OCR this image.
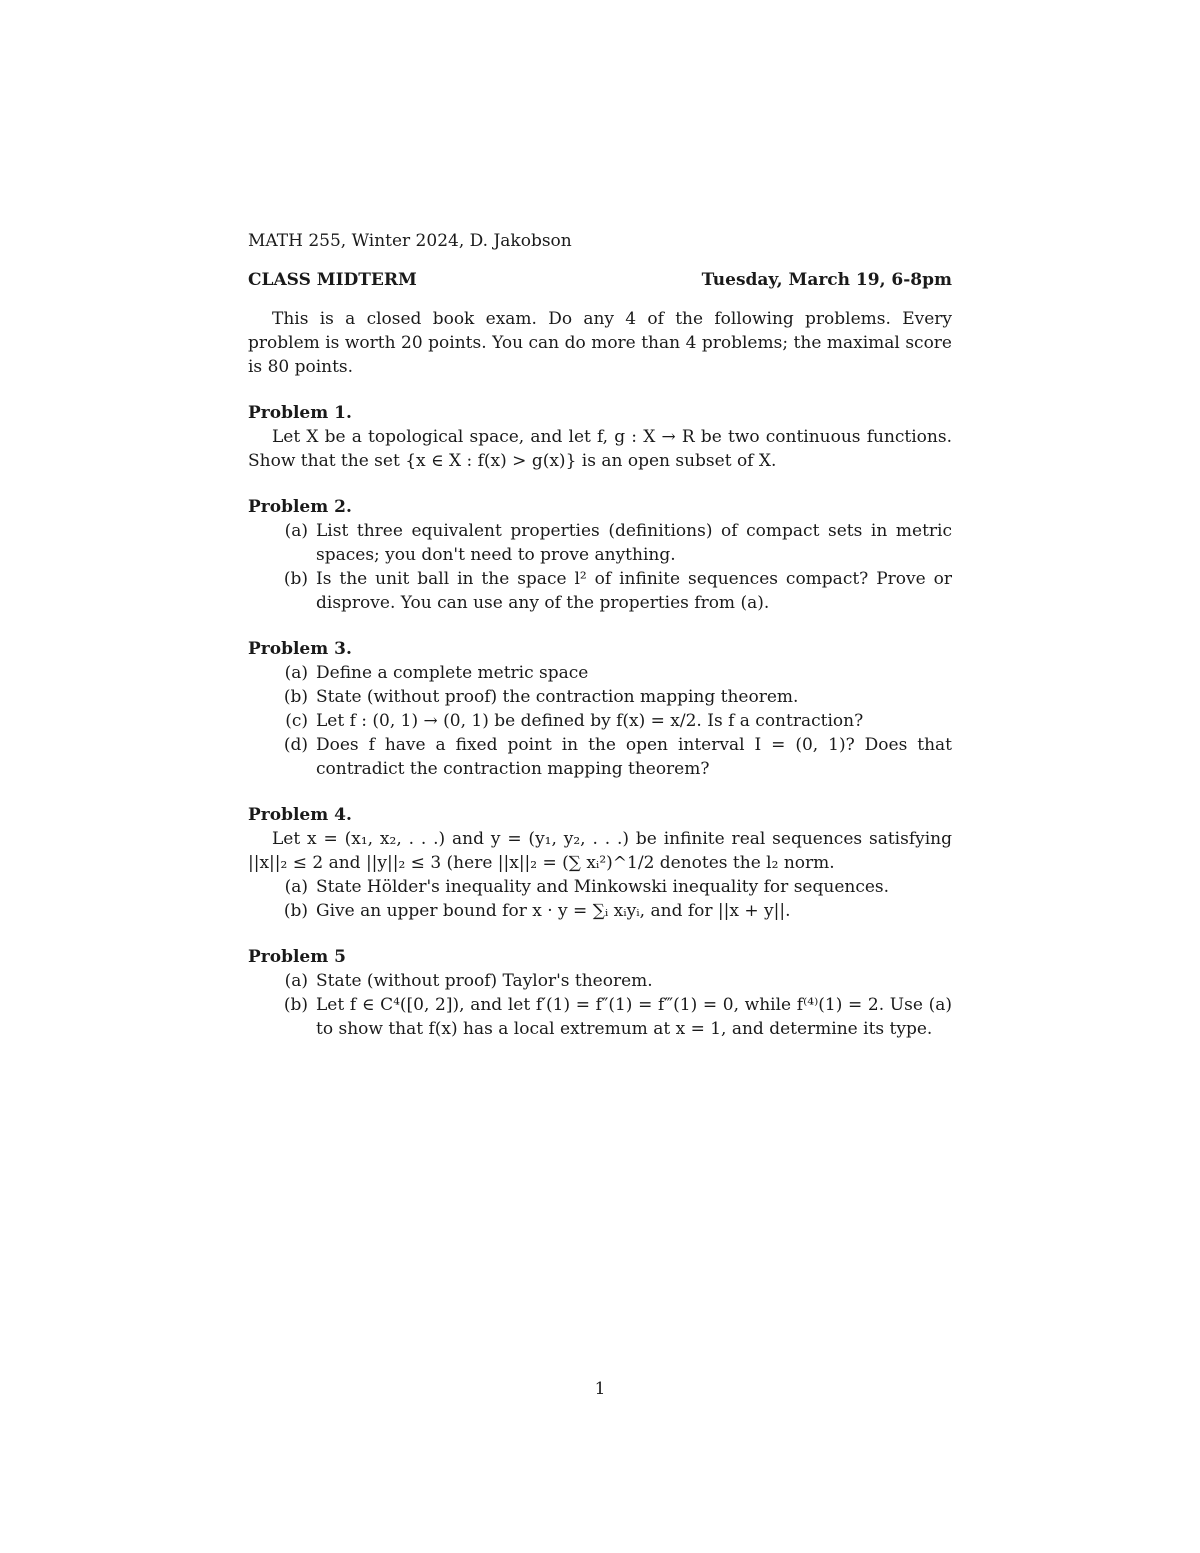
MATH 255, Winter 2024, D. Jakobson
CLASS MIDTERM	Tuesday, March 19, 6-8pm

This is a closed book exam. Do any 4 of the following problems. Every problem is worth 20 points. You can do more than 4 problems; the maximal score is 80 points.

Problem 1.

Let X be a topological space, and let f, g : X → R be two continuous functions. Show that the set {x ∈ X : f(x) > g(x)} is an open subset of X.

Problem 2.

(a) List three equivalent properties (definitions) of compact sets in metric spaces; you don't need to prove anything.
(b) Is the unit ball in the space l² of infinite sequences compact? Prove or disprove. You can use any of the properties from (a).

Problem 3.

(a) Define a complete metric space
(b) State (without proof) the contraction mapping theorem.
(c) Let f : (0, 1) → (0, 1) be defined by f(x) = x/2. Is f a contraction?
(d) Does f have a fixed point in the open interval I = (0, 1)? Does that contradict the contraction mapping theorem?

Problem 4.

Let x = (x₁, x₂, . . .) and y = (y₁, y₂, . . .) be infinite real sequences satisfying ||x||₂ ≤ 2 and ||y||₂ ≤ 3 (here ||x||₂ = (∑ xᵢ²)^1/2 denotes the l₂ norm.

(a) State Hölder's inequality and Minkowski inequality for sequences.
(b) Give an upper bound for x · y = ∑ᵢ xᵢyᵢ, and for ||x + y||.

Problem 5

(a) State (without proof) Taylor's theorem.
(b) Let f ∈ C⁴([0, 2]), and let f′(1) = f″(1) = f‴(1) = 0, while f⁽⁴⁾(1) = 2. Use (a) to show that f(x) has a local extremum at x = 1, and determine its type.
1
